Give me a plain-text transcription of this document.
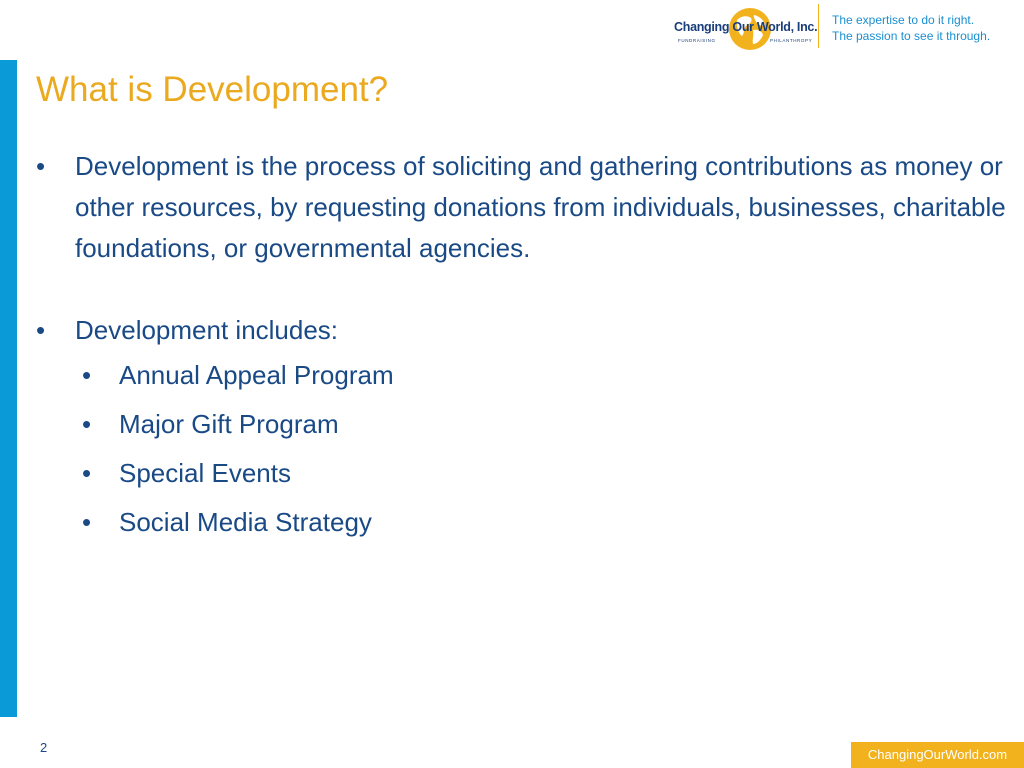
Changing Our World, Inc.
FUNDRAISING	PHILANTHROPY
The expertise to do it right.
The passion to see it through.
What is Development?

• Development is the process of soliciting and gathering contributions as money or other resources, by requesting donations from individuals, businesses, charitable foundations, or governmental agencies.

• Development includes:

• Annual Appeal Program
• Major Gift Program
• Special Events
• Social Media Strategy
2	ChangingOurWorld.com
